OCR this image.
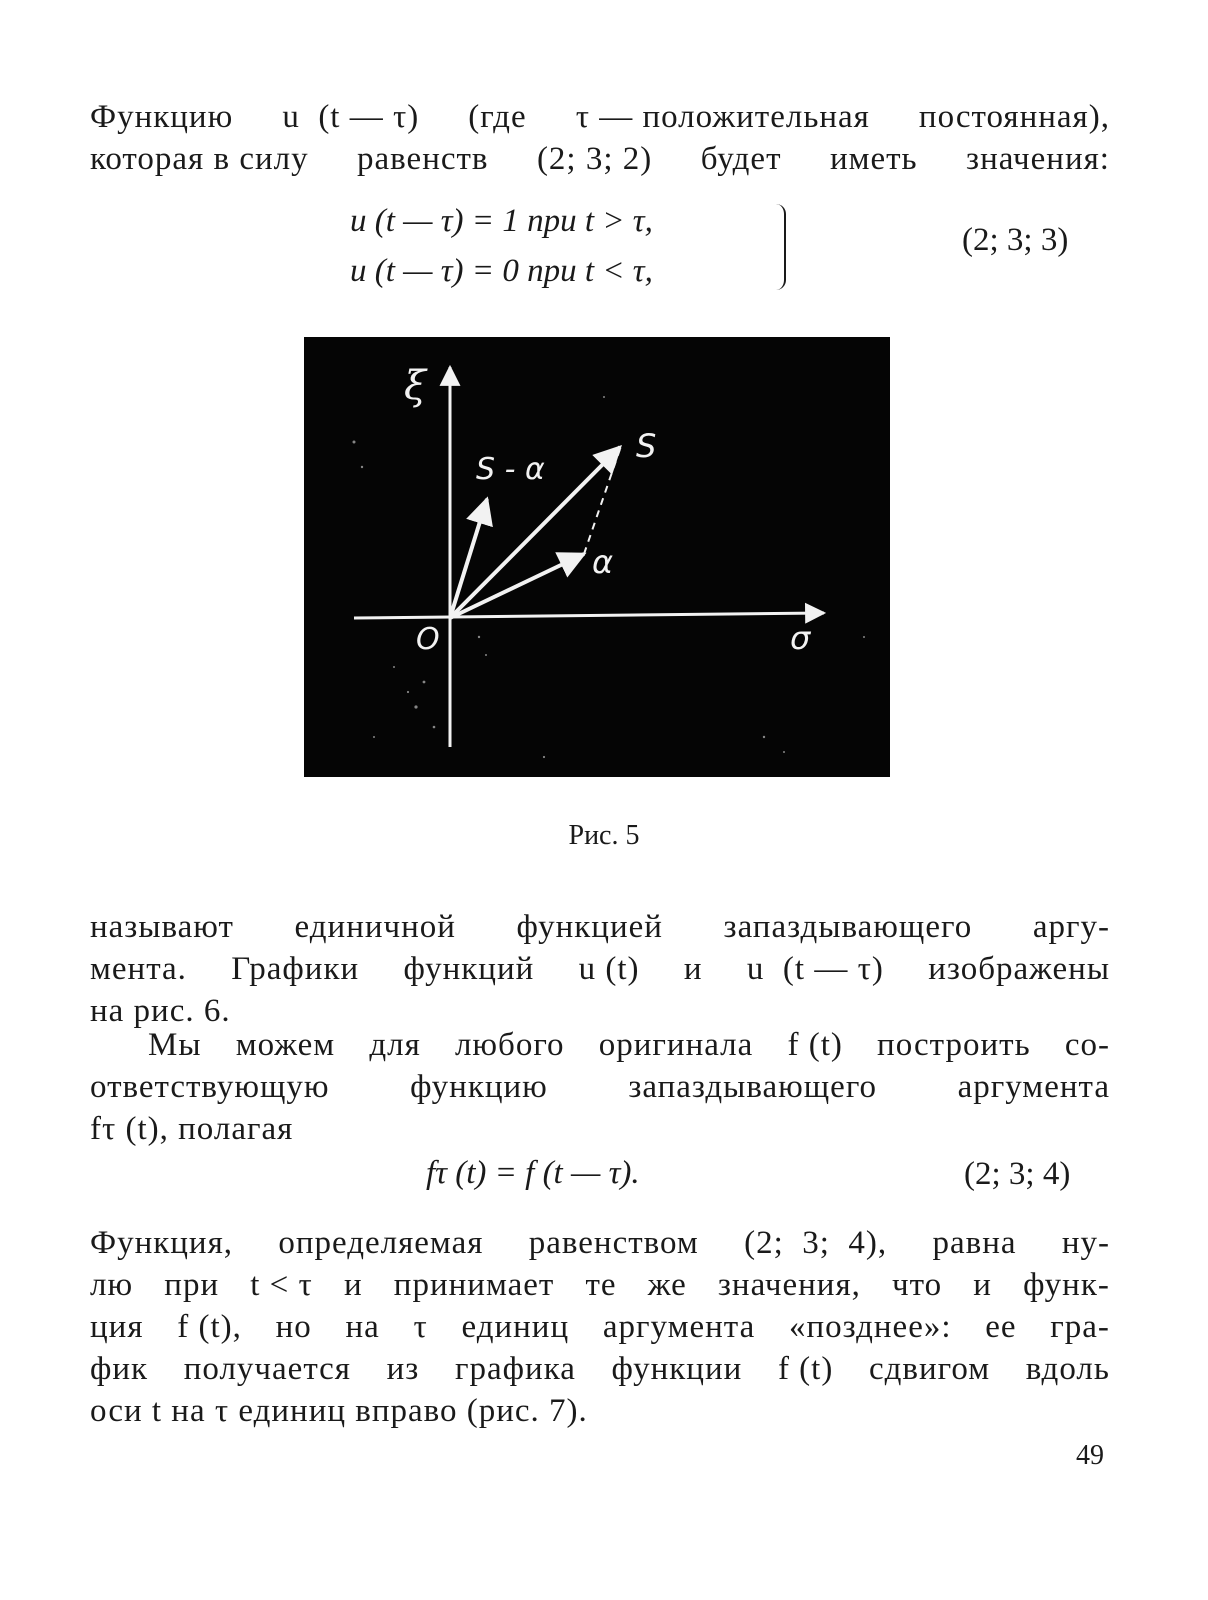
Функцию u  (t — τ) (где τ — положительная постоянная),
которая в силу равенств (2; 3; 2) будет иметь значения:
u (t — τ) = 1 при t > τ,
u (t — τ) = 0 при t < τ,
(2; 3; 3)
ξ
σ
O
S
S - α
α
Рис. 5
называют единичной функцией запаздывающего аргу-
мента. Графики функций u (t) и u  (t — τ) изображены
на рис. 6.
Мы можем для любого оригинала f (t) построить со-
ответствующую функцию запаздывающего аргумента
fτ (t), полагая
fτ (t) = f (t — τ).	(2; 3; 4)
Функция, определяемая равенством (2;  3;  4), равна ну-
лю при t < τ и принимает те же значения, что и функ-
ция f (t), но на τ единиц аргумента «позднее»: ее гра-
фик получается из графика функции f (t) сдвигом вдоль
оси t на τ единиц вправо (рис. 7).
49
